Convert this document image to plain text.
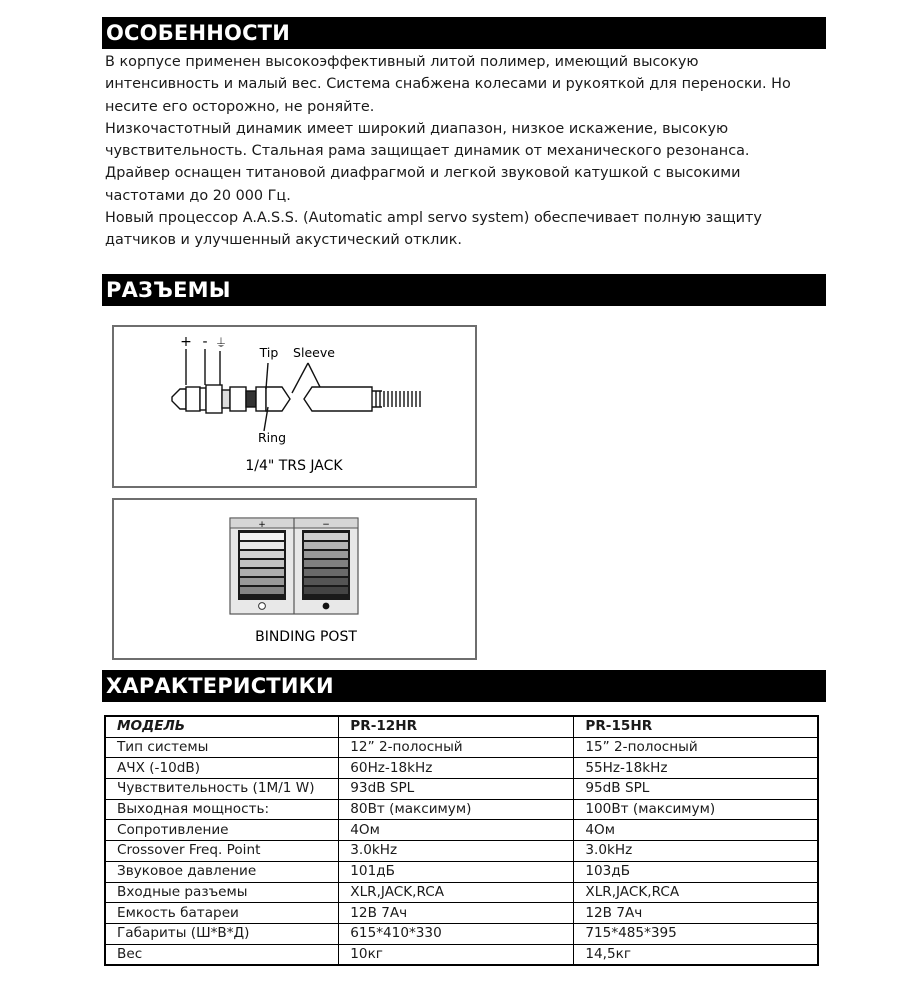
ОСОБЕННОСТИ
В корпусе применен высокоэффективный литой полимер, имеющий высокую
интенсивность и малый вес. Система снабжена колесами и рукояткой для переноски. Но
несите его осторожно, не роняйте.
Низкочастотный динамик имеет широкий диапазон, низкое искажение, высокую
чувствительность. Стальная рама защищает динамик от механического резонанса.
Драйвер оснащен титановой диафрагмой и легкой звуковой катушкой с высокими
частотами до 20 000 Гц.
Новый процессор A.A.S.S. (Automatic ampl servo system) обеспечивает полную защиту
датчиков и улучшенный акустический отклик.
РАЗЪЕМЫ
+ - ⏚
Tip Sleeve
Ring
1/4" TRS JACK
+	−
BINDING POST
ХАРАКТЕРИСТИКИ
МОДЕЛЬ	PR-12HR	PR-15HR
Тип системы	12” 2-полосный	15” 2-полосный
АЧХ (-10dB)	60Hz-18kHz	55Hz-18kHz
Чувствительность (1M/1 W)	93dB SPL	95dB SPL
Выходная мощность:	80Вт (максимум)	100Вт (максимум)
Сопротивление	4Ом	4Ом
Crossover Freq. Point	3.0kHz	3.0kHz
Звуковое давление	101дБ	103дБ
Входные разъемы	XLR,JACK,RCA	XLR,JACK,RCA
Емкость батареи	12В 7Ач	12В 7Ач
Габариты (Ш*В*Д)	615*410*330	715*485*395
Вес	10кг	14,5кг
